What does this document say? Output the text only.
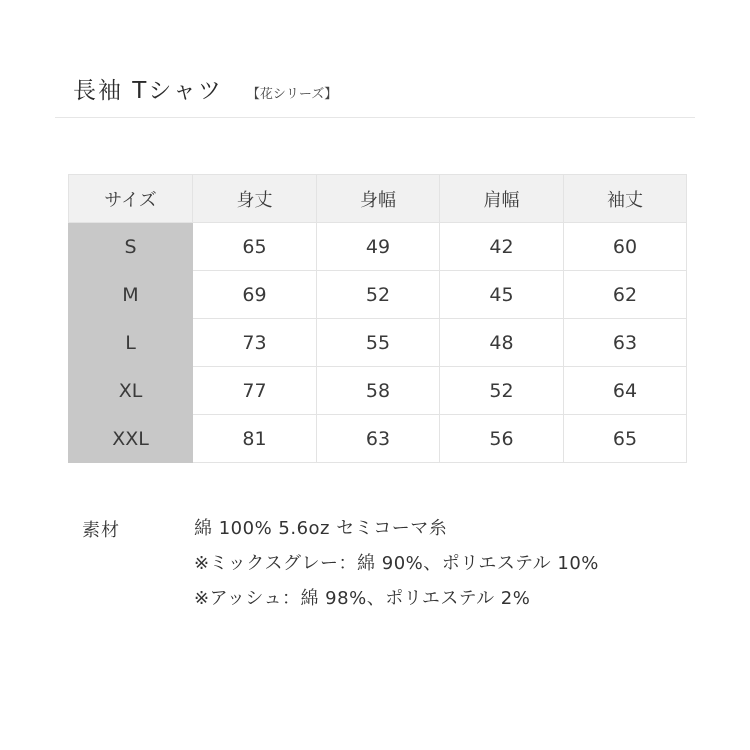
長袖 Tシャツ 【花シリーズ】
サイズ	身丈	身幅	肩幅	袖丈
S	65	49	42	60
M	69	52	45	62
L	73	55	48	63
XL	77	58	52	64
XXL	81	63	56	65
素材	綿 100% 5.6oz セミコーマ糸
※ミックスグレー：綿 90%、ポリエステル 10%
※アッシュ：綿 98%、ポリエステル 2%
